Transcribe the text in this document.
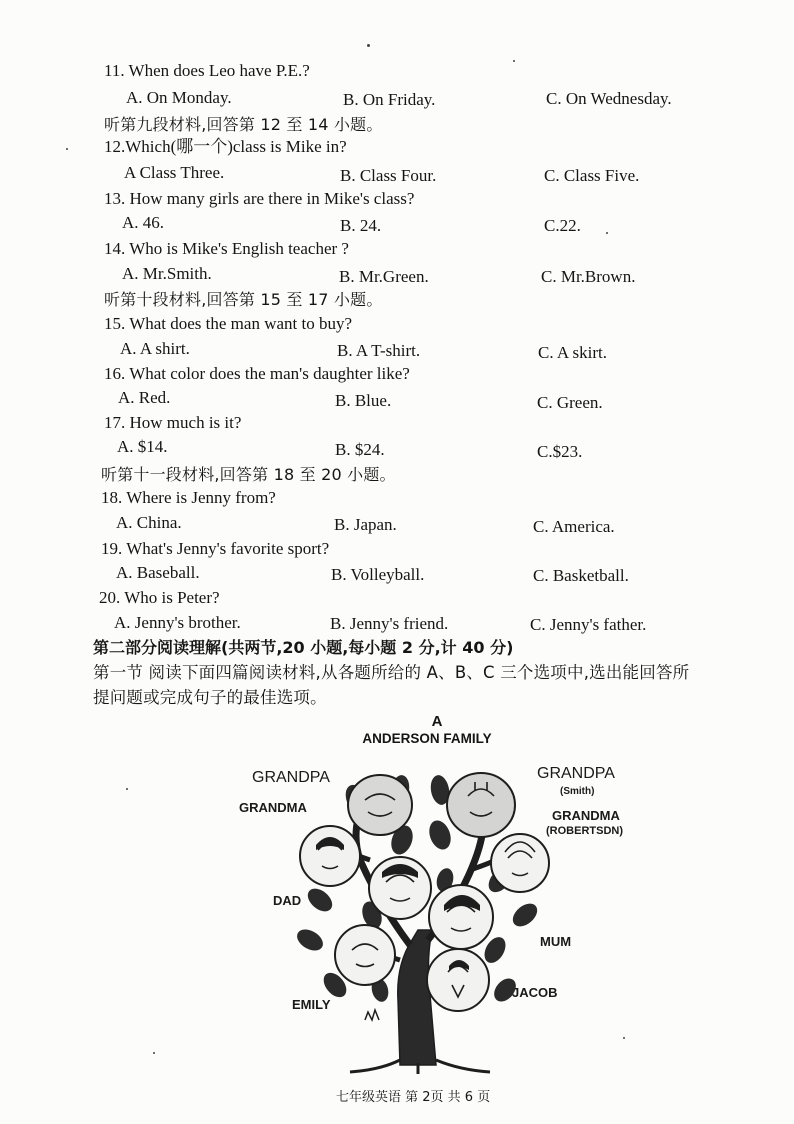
11. When does Leo have P.E.?
A. On Monday.	B. On Friday.	C. On Wednesday.
听第九段材料,回答第 12 至 14 小题。
12.Which(哪一个)class is Mike in?
A Class Three.	B. Class Four.	C. Class Five.
13. How many girls are there in Mike's class?
A. 46.	B. 24.	C.22.
14. Who is Mike's English teacher ?
A. Mr.Smith.	B. Mr.Green.	C. Mr.Brown.
听第十段材料,回答第 15 至 17 小题。
15. What does the man want to buy?
A. A shirt.	B. A T-shirt.	C. A skirt.
16. What color does the man's daughter like?
A. Red.	B. Blue.	C. Green.
17. How much is it?
A. $14.	B. $24.	C.$23.
听第十一段材料,回答第 18 至 20 小题。
18. Where is Jenny from?
A. China.	B. Japan.	C. America.
19. What's Jenny's favorite sport?
A. Baseball.	B. Volleyball.	C. Basketball.
20. Who is Peter?
A. Jenny's brother.	B. Jenny's friend.	C. Jenny's father.
第二部分阅读理解(共两节,20 小题,每小题 2 分,计 40 分)
第一节 阅读下面四篇阅读材料,从各题所给的 A、B、C 三个选项中,选出能回答所
提问题或完成句子的最佳选项。
A
ANDERSON FAMILY
GRANDPA
GRANDMA
GRANDPA
(Smith)
GRANDMA
(ROBERTSDN)
DAD
MUM
EMILY
JACOB
七年级英语 第 2页 共 6 页
